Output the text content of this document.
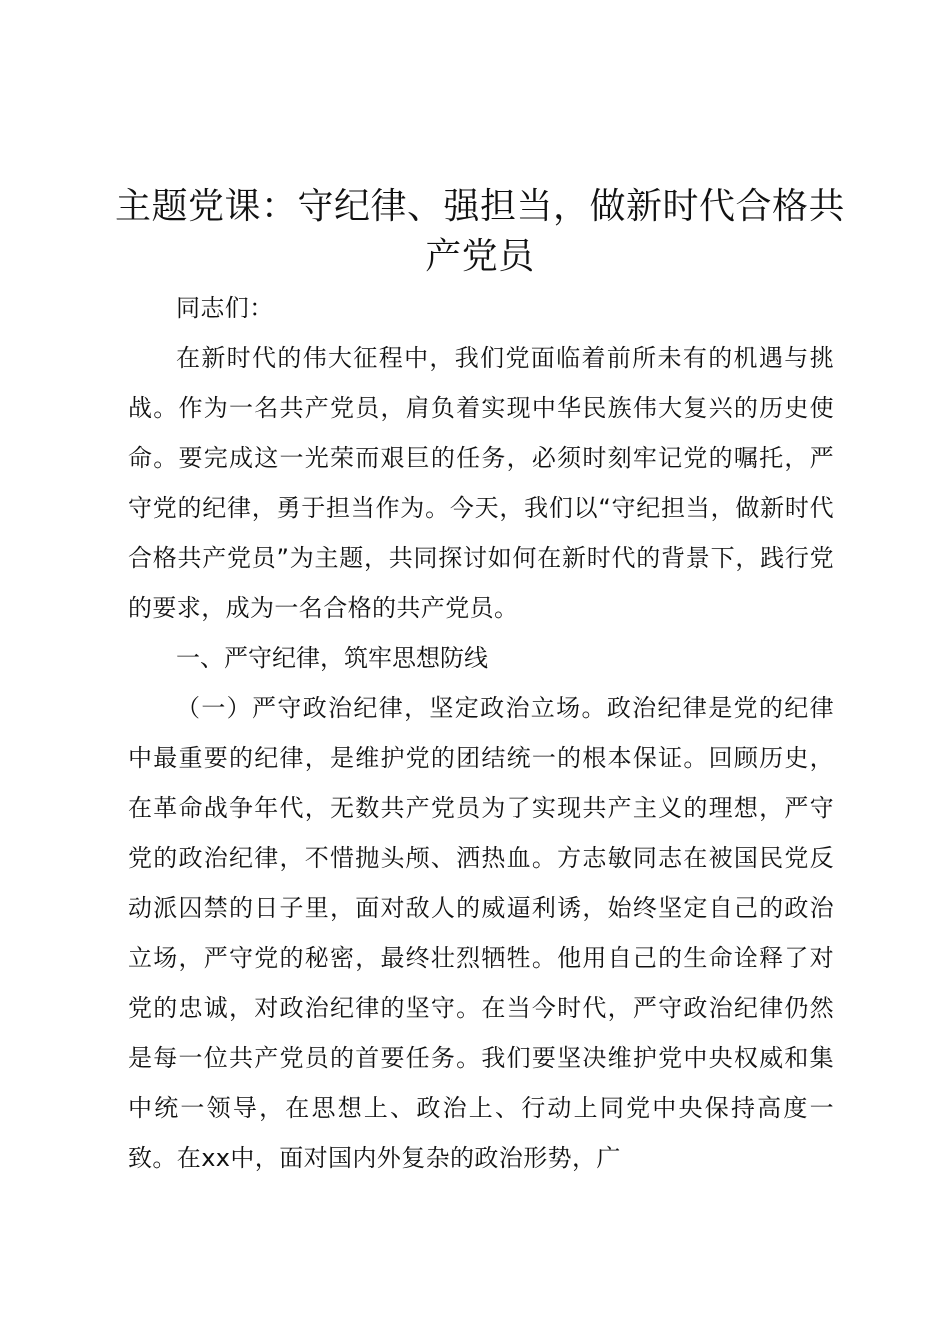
主题党课：守纪律、强担当，做新时代合格共产党员

同志们：

在新时代的伟大征程中，我们党面临着前所未有的机遇与挑战。作为一名共产党员，肩负着实现中华民族伟大复兴的历史使命。要完成这一光荣而艰巨的任务，必须时刻牢记党的嘱托，严守党的纪律，勇于担当作为。今天，我们以“守纪担当，做新时代合格共产党员”为主题，共同探讨如何在新时代的背景下，践行党的要求，成为一名合格的共产党员。

一、严守纪律，筑牢思想防线

（一）严守政治纪律，坚定政治立场。政治纪律是党的纪律中最重要的纪律，是维护党的团结统一的根本保证。回顾历史，在革命战争年代，无数共产党员为了实现共产主义的理想，严守党的政治纪律，不惜抛头颅、洒热血。方志敏同志在被国民党反动派囚禁的日子里，面对敌人的威逼利诱，始终坚定自己的政治立场，严守党的秘密，最终壮烈牺牲。他用自己的生命诠释了对党的忠诚，对政治纪律的坚守。在当今时代，严守政治纪律仍然是每一位共产党员的首要任务。我们要坚决维护党中央权威和集中统一领导，在思想上、政治上、行动上同党中央保持高度一致。在xx中，面对国内外复杂的政治形势，广
